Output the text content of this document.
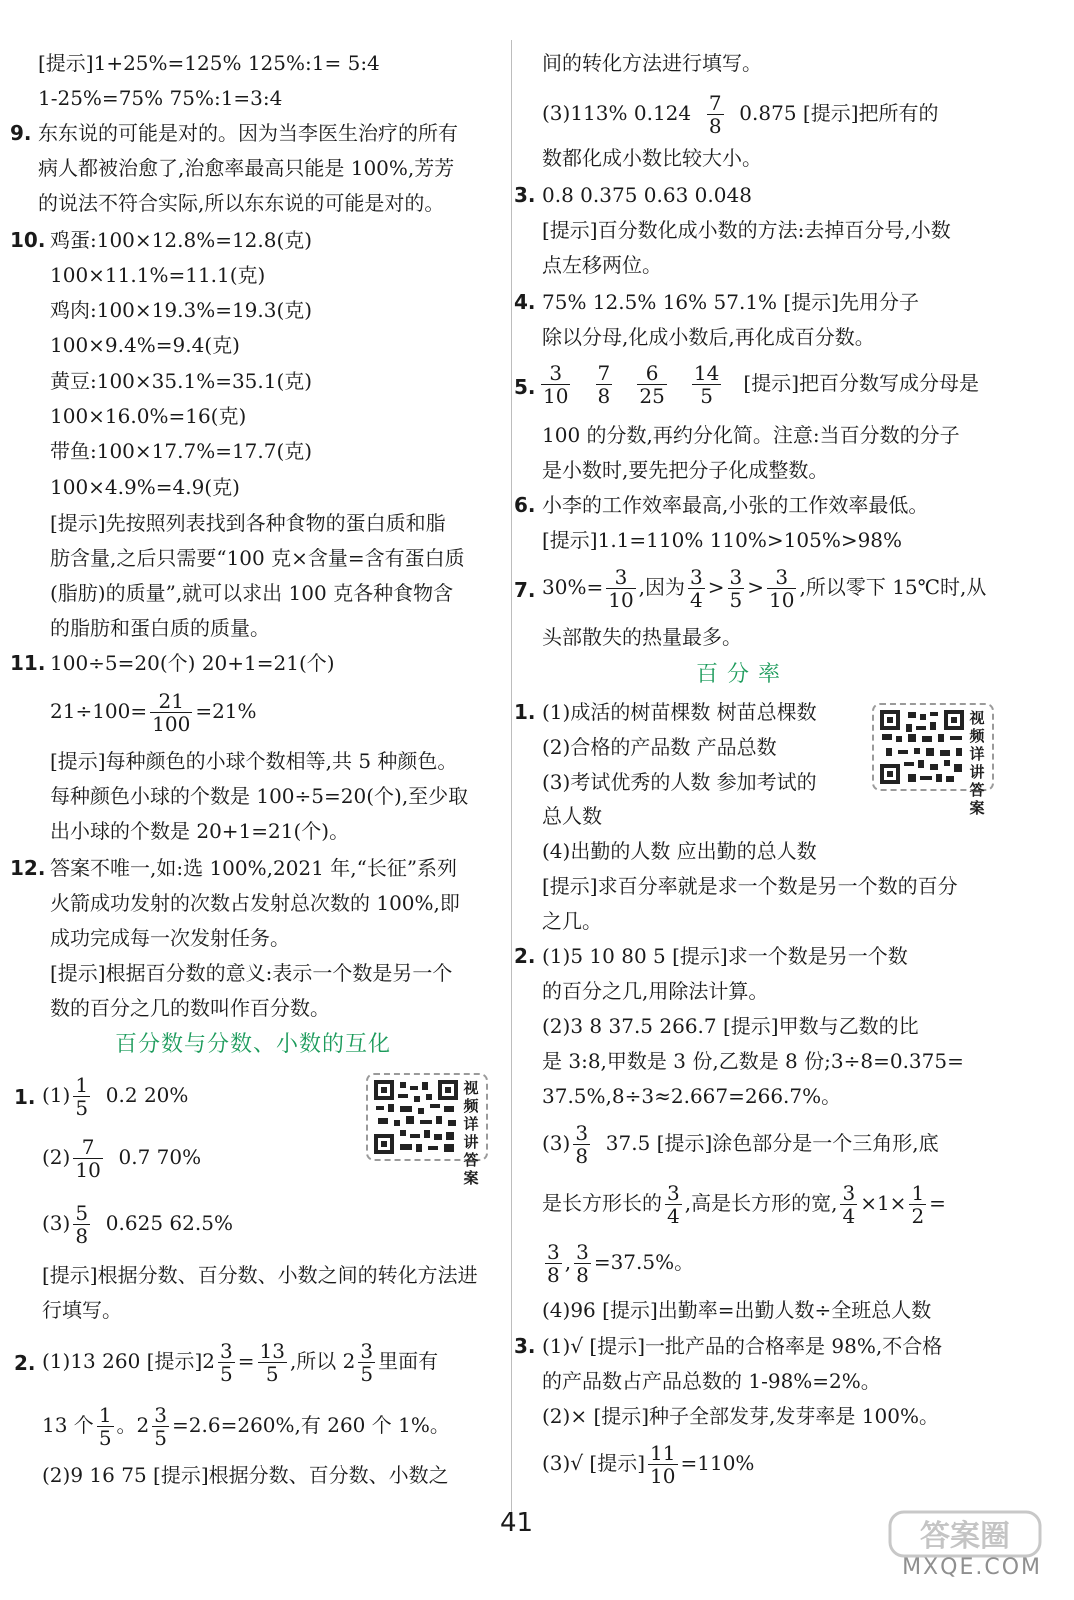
[提示]1+25%=125% 125%:1= 5:4
1-25%=75% 75%:1=3:4
9. 东东说的可能是对的。因为当李医生治疗的所有
病人都被治愈了,治愈率最高只能是 100%,芳芳
的说法不符合实际,所以东东说的可能是对的。
10. 鸡蛋:100×12.8%=12.8(克)
100×11.1%=11.1(克)
鸡肉:100×19.3%=19.3(克)
100×9.4%=9.4(克)
黄豆:100×35.1%=35.1(克)
100×16.0%=16(克)
带鱼:100×17.7%=17.7(克)
100×4.9%=4.9(克)
[提示]先按照列表找到各种食物的蛋白质和脂
肪含量,之后只需要“100 克×含量=含有蛋白质
(脂肪)的质量”,就可以求出 100 克各种食物含
的脂肪和蛋白质的质量。
11. 100÷5=20(个) 20+1=21(个)
$21\div 100= \frac{21}{100} =21\%$
[提示]每种颜色的小球个数相等,共 5 种颜色。
每种颜色小球的个数是 100÷5=20(个),至少取
出小球的个数是 20+1=21(个)。
12. 答案不唯一,如:选 100%,2021 年,“长征”系列
火箭成功发射的次数占发射总次数的 100%,即
成功完成每一次发射任务。
[提示]根据百分数的意义:表示一个数是另一个
数的百分之几的数叫作百分数。
百分数与分数、小数的互化
1. $(1) \frac{1}{5} 0.2$ 20%
$(2) \frac{7}{10} 0.7$ 70%
$(3) \frac{5}{8} 0.625$ 62.5%
[提示]根据分数、百分数、小数之间的转化方法进
行填写。
视频详讲答案
2. (1)13 260 [提示]$2 \frac{3}{5} = \frac{13}{5}$ ,所以 $2 \frac{3}{5}$ 里面有
13 个 $\frac{1}{5}$ 。$2 \frac{3}{5} =2.6=260\%$,有 260 个 1%。
(2)9 16 75 [提示]根据分数、百分数、小数之
间的转化方法进行填写。
(3)113% $0.124 \frac{7}{8} 0.875$ [提示]把所有的
数都化成小数比较大小。
3. 0.8 0.375 0.63 0.048
[提示]百分数化成小数的方法:去掉百分号,小数
点左移两位。
4. 75% 12.5% 16% 57.1% [提示]先用分子
除以分母,化成小数后,再化成百分数。
5. $\frac{3}{10}$
$\frac{7}{8}$
$\frac{6}{25}$
$\frac{14}{5}$ [提示]把百分数写成分母是
100 的分数,再约分化简。注意:当百分数的分子
是小数时,要先把分子化成整数。
6. 小李的工作效率最高,小张的工作效率最低。
[提示]1.1=110% 110%>105%>98%
7. $30\%= \frac{3}{10}$ ,因为 $\frac{3}{4} > \frac{3}{5} > \frac{3}{10}$ ,所以零下 15℃时,从
头部散失的热量最多。
百 分 率
1. (1)成活的树苗棵数 树苗总棵数
(2)合格的产品数 产品总数
(3)考试优秀的人数 参加考试的
总人数
(4)出勤的人数 应出勤的总人数
[提示]求百分率就是求一个数是另一个数的百分
之几。
视频详讲答案
2. (1)5 10 80 5 [提示]求一个数是另一个数
的百分之几,用除法计算。
(2)3 8 37.5 266.7 [提示]甲数与乙数的比
是 3:8,甲数是 3 份,乙数是 8 份;3÷8=0.375=
37.5%,8÷3≈2.667=266.7%。
$(3) \frac{3}{8} 37.5$ [提示]涂色部分是一个三角形,底
是长方形长的 $\frac{3}{4}$ ,高是长方形的宽, $\frac{3}{4} \times 1\times \frac{1}{2}$ =
$\frac{3}{8}$ , $\frac{3}{8} =37.5\%$。
(4)96 [提示]出勤率=出勤人数÷全班总人数
3. (1)√ [提示]一批产品的合格率是 98%,不合格
的产品数占产品总数的 1-98%=2%。
(2)× [提示]种子全部发芽,发芽率是 100%。
(3)√ [提示] $\frac{11}{10} =110\%$
41	答案圈
MXQE.COM
